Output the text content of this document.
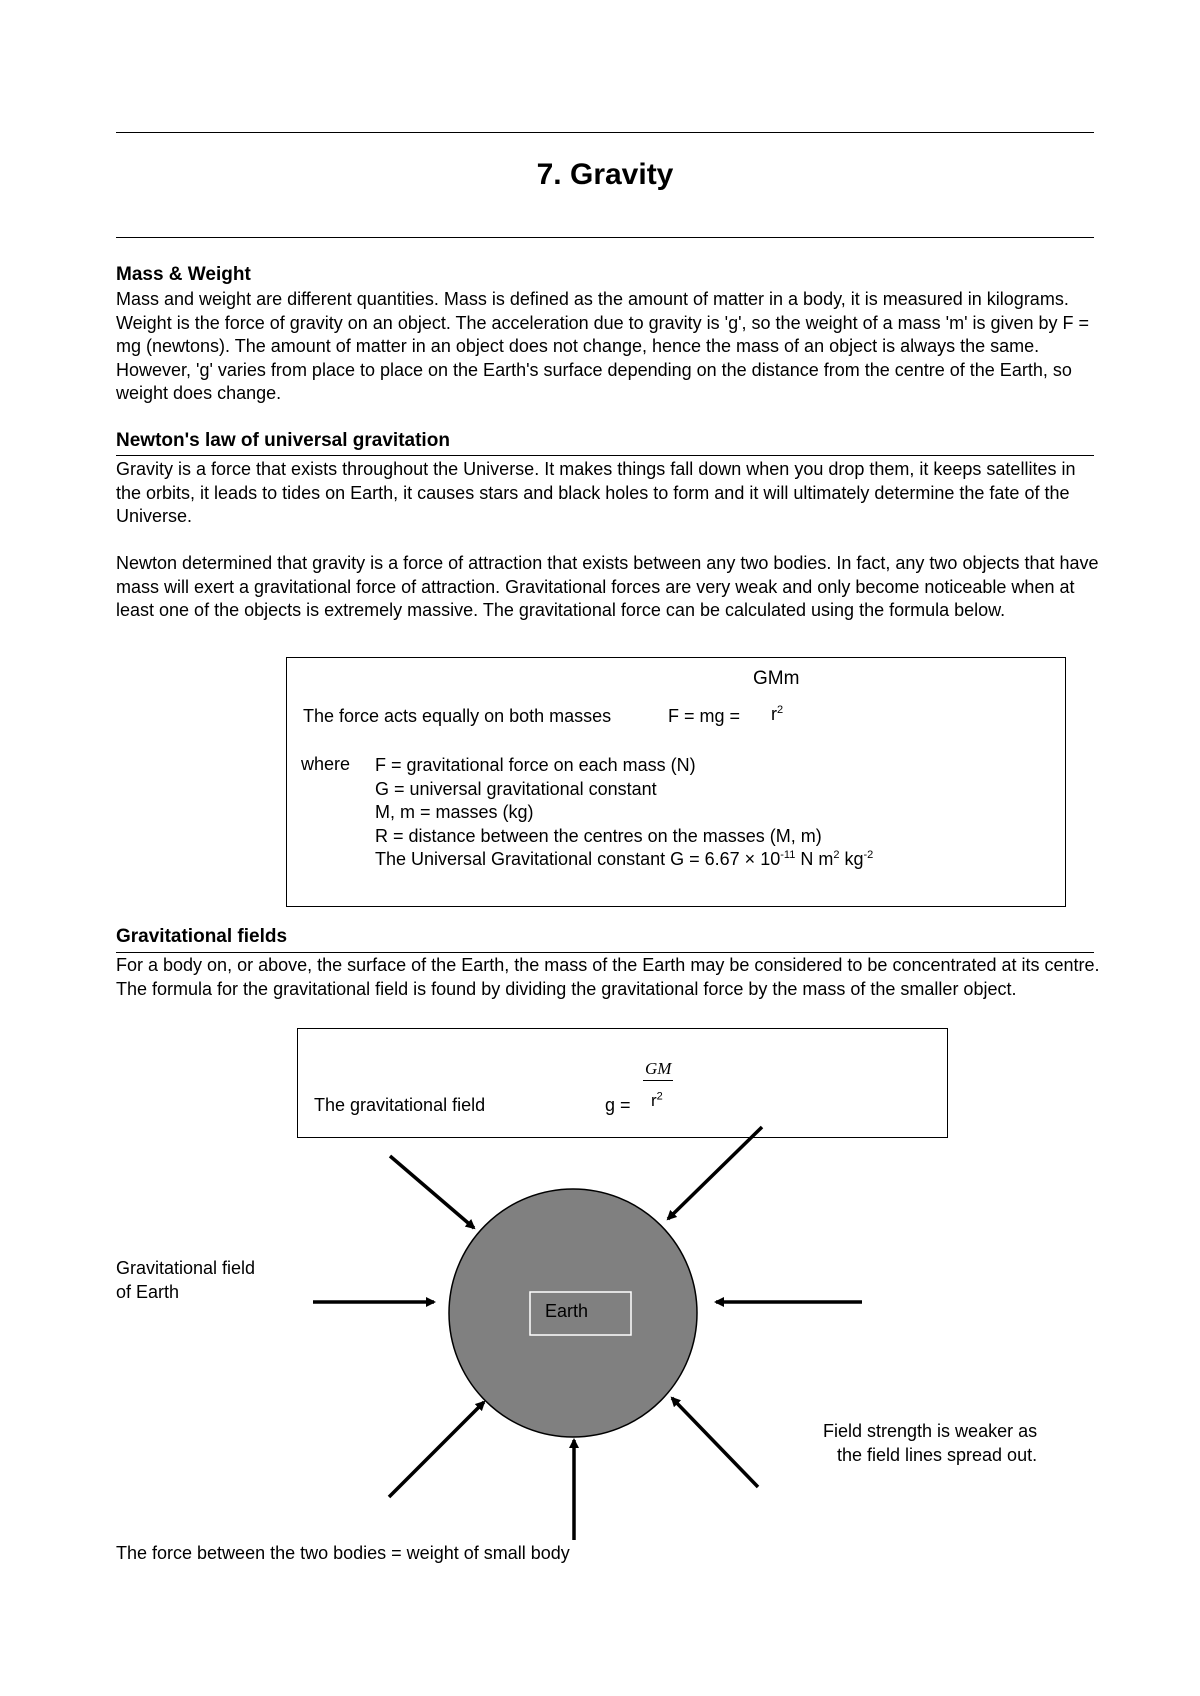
7. Gravity
Mass & Weight

Mass and weight are different quantities. Mass is defined as the amount of matter in a body, it is measured in kilograms. Weight is the force of gravity on an object. The acceleration due to gravity is 'g', so the weight of a mass 'm' is given by F = mg (newtons). The amount of matter in an object does not change, hence the mass of an object is always the same. However, 'g' varies from place to place on the Earth's surface depending on the distance from the centre of the Earth, so weight does change.

Newton's law of universal gravitation

Gravity is a force that exists throughout the Universe. It makes things fall down when you drop them, it keeps satellites in the orbits, it leads to tides on Earth, it causes stars and black holes to form and it will ultimately determine the fate of the Universe.

Newton determined that gravity is a force of attraction that exists between any two bodies. In fact, any two objects that have mass will exert a gravitational force of attraction. Gravitational forces are very weak and only become noticeable when at least one of the objects is extremely massive. The gravitational force can be calculated using the formula below.

GMm
The force acts equally on both masses	F = mg = $r^2$
where F = gravitational force on each mass (N)
G = universal gravitational constant
M, m = masses (kg)
R = distance between the centres on the masses (M, m)
The Universal Gravitational constant $G = 6.67 \times 10^{-11}$ N $m^2$ $kg^{-2}$
Gravitational fields

For a body on, or above, the surface of the Earth, the mass of the Earth may be considered to be concentrated at its centre. The formula for the gravitational field is found by dividing the gravitational force by the mass of the smaller object.

The gravitational field	g =
GM
$r^2$
Earth
Gravitational field
of Earth
Field strength is weaker as
the field lines spread out.
The force between the two bodies = weight of small body
